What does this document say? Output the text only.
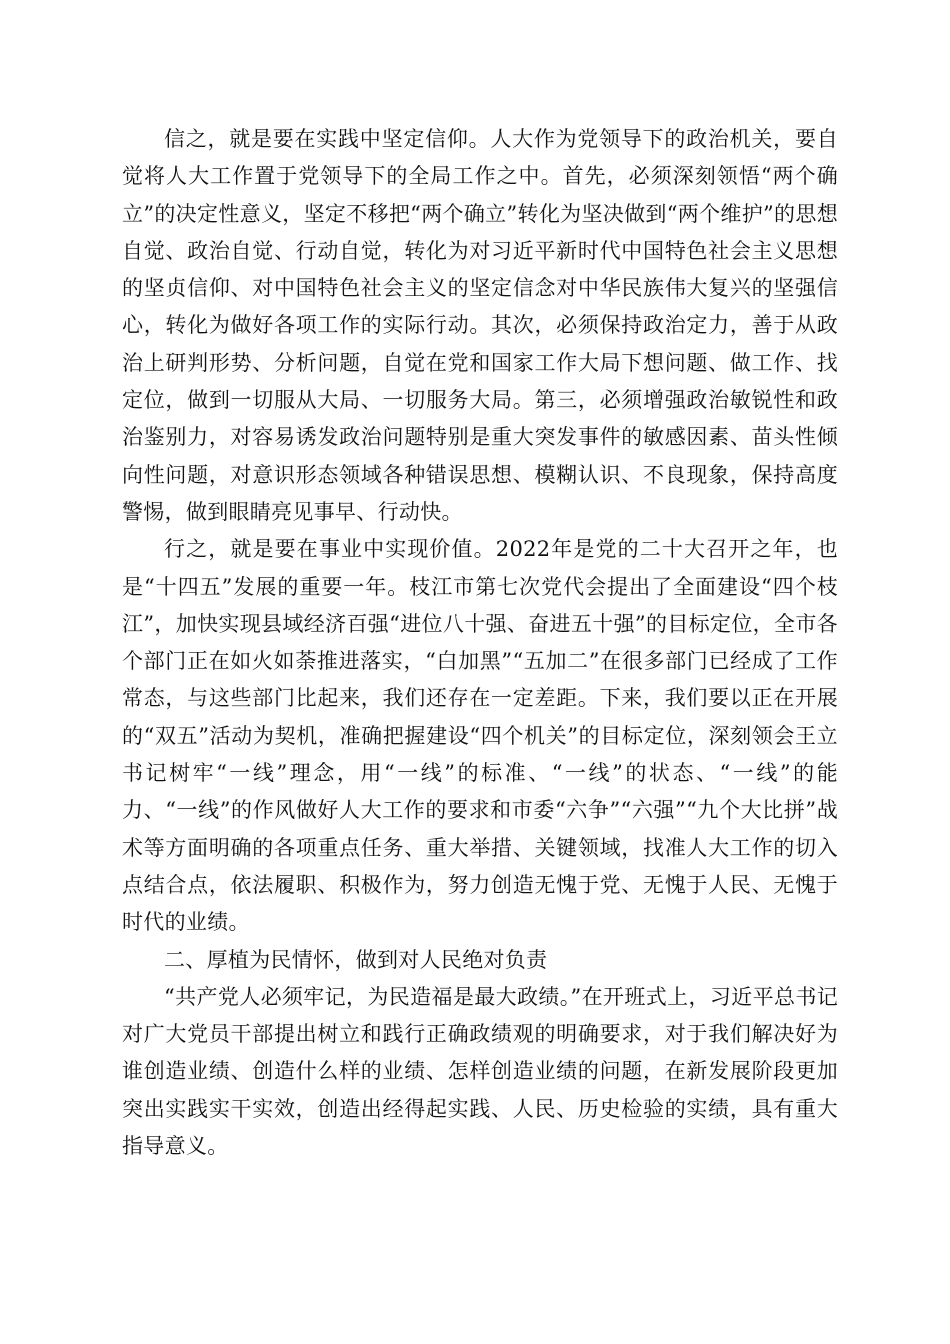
信之，就是要在实践中坚定信仰。人大作为党领导下的政治机关，要自觉将人大工作置于党领导下的全局工作之中。首先，必须深刻领悟“两个确立”的决定性意义，坚定不移把“两个确立”转化为坚决做到“两个维护”的思想自觉、政治自觉、行动自觉，转化为对习近平新时代中国特色社会主义思想的坚贞信仰、对中国特色社会主义的坚定信念对中华民族伟大复兴的坚强信心，转化为做好各项工作的实际行动。其次，必须保持政治定力，善于从政治上研判形势、分析问题，自觉在党和国家工作大局下想问题、做工作、找定位，做到一切服从大局、一切服务大局。第三，必须增强政治敏锐性和政治鉴别力，对容易诱发政治问题特别是重大突发事件的敏感因素、苗头性倾向性问题，对意识形态领域各种错误思想、模糊认识、不良现象，保持高度警惕，做到眼睛亮见事早、行动快。

行之，就是要在事业中实现价值。2022年是党的二十大召开之年，也是“十四五”发展的重要一年。枝江市第七次党代会提出了全面建设“四个枝江”，加快实现县域经济百强“进位八十强、奋进五十强”的目标定位，全市各个部门正在如火如荼推进落实，“白加黑”“五加二”在很多部门已经成了工作常态，与这些部门比起来，我们还存在一定差距。下来，我们要以正在开展的“双五”活动为契机，准确把握建设“四个机关”的目标定位，深刻领会王立书记树牢“一线”理念，用“一线”的标准、“一线”的状态、“一线”的能力、“一线”的作风做好人大工作的要求和市委“六争”“六强”“九个大比拼”战术等方面明确的各项重点任务、重大举措、关键领域，找准人大工作的切入点结合点，依法履职、积极作为，努力创造无愧于党、无愧于人民、无愧于时代的业绩。

二、厚植为民情怀，做到对人民绝对负责

“共产党人必须牢记，为民造福是最大政绩。”在开班式上，习近平总书记对广大党员干部提出树立和践行正确政绩观的明确要求，对于我们解决好为谁创造业绩、创造什么样的业绩、怎样创造业绩的问题，在新发展阶段更加突出实践实干实效，创造出经得起实践、人民、历史检验的实绩，具有重大指导意义。
